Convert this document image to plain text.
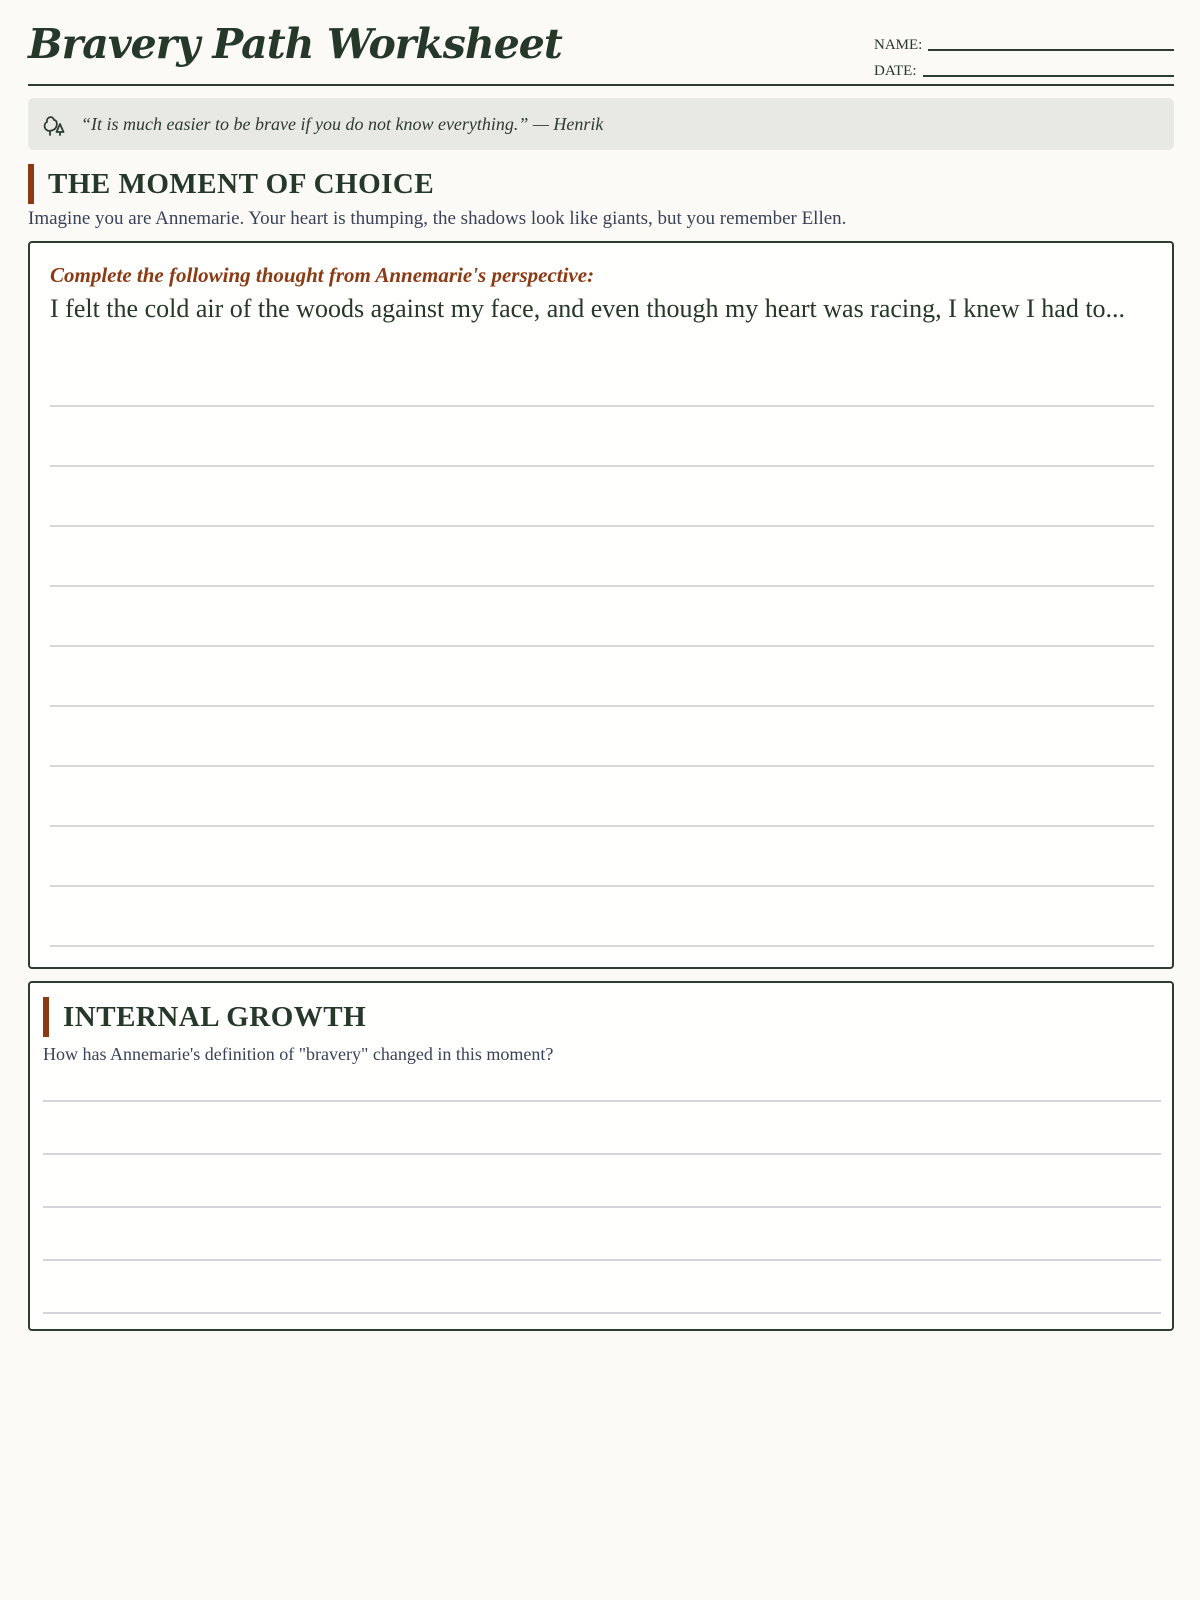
Bravery Path Worksheet	NAME:
DATE:
“It is much easier to be brave if you do not know everything.” — Henrik
THE MOMENT OF CHOICE
Imagine you are Annemarie. Your heart is thumping, the shadows look like giants, but you remember Ellen.
Complete the following thought from Annemarie's perspective:
I felt the cold air of the woods against my face, and even though my heart was racing, I knew I had to...
INTERNAL GROWTH
How has Annemarie's definition of "bravery" changed in this moment?
